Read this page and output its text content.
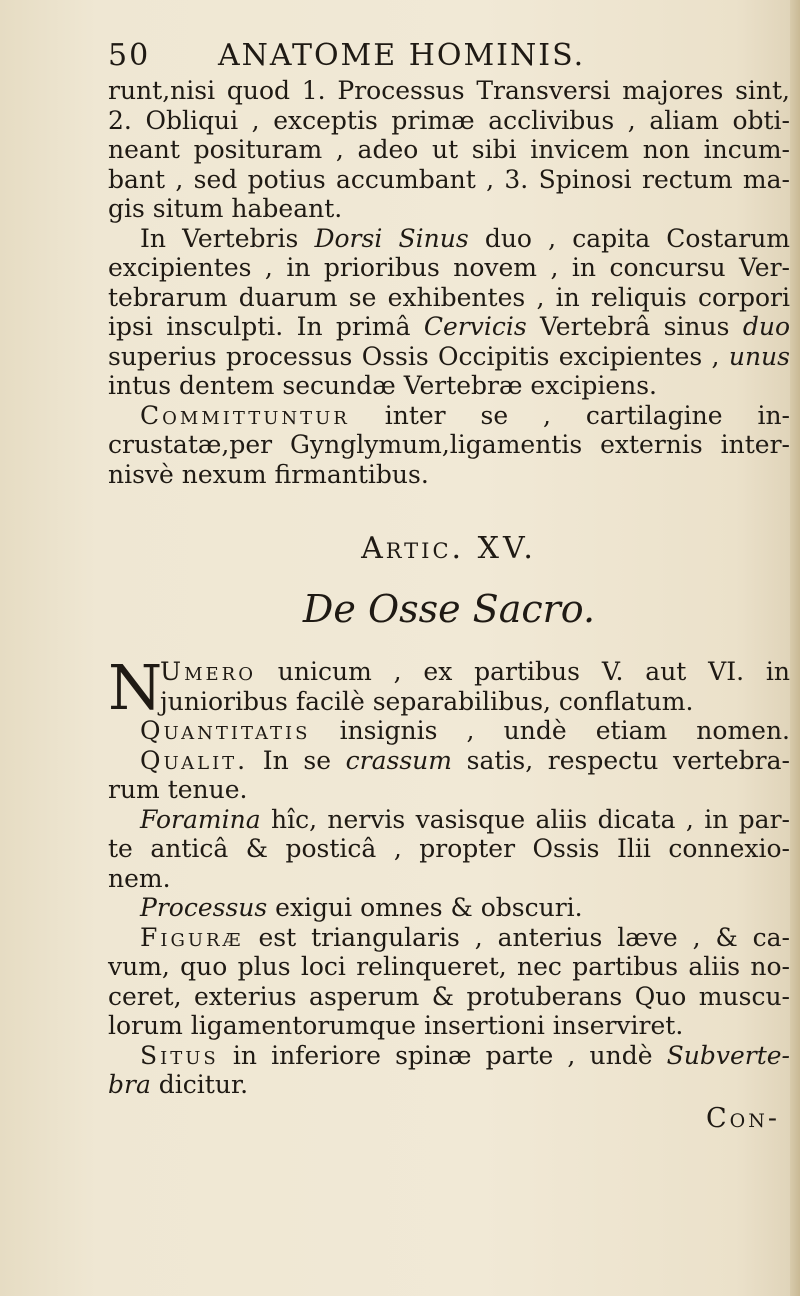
50 ANATOME HOMINIS.
runt,nisi quod 1. Processus Transversi majores sint,
2. Obliqui , exceptis primæ acclivibus , aliam obti-
neant posituram , adeo ut sibi invicem non incum-
bant , sed potius accumbant , 3. Spinosi rectum ma-
gis situm habeant.
In Vertebris Dorsi Sinus duo , capita Costarum
excipientes , in prioribus novem , in concursu Ver-
tebrarum duarum se exhibentes , in reliquis corpori
ipsi insculpti. In primâ Cervicis Vertebrâ sinus duo
superius processus Ossis Occipitis excipientes , unus
intus dentem secundæ Vertebræ excipiens.
Committuntur inter se , cartilagine in-
crustatæ,per Gynglymum,ligamentis externis inter-
nisvè nexum firmantibus.
Artic. XV.
De Osse Sacro.
N
Umero unicum , ex partibus V. aut VI. in
junioribus facilè separabilibus, conflatum.
Quantitatis insignis , undè etiam nomen.
Qualit. In se crassum satis, respectu vertebra-
rum tenue.
Foramina hîc, nervis vasisque aliis dicata , in par-
te anticâ & posticâ , propter Ossis Ilii connexio-
nem.
Processus exigui omnes & obscuri.
Figuræ est triangularis , anterius læve , & ca-
vum, quo plus loci relinqueret, nec partibus aliis no-
ceret, exterius asperum & protuberans Quo muscu-
lorum ligamentorumque insertioni inserviret.
Situs in inferiore spinæ parte , undè Subverte-
bra dicitur.
Con-
